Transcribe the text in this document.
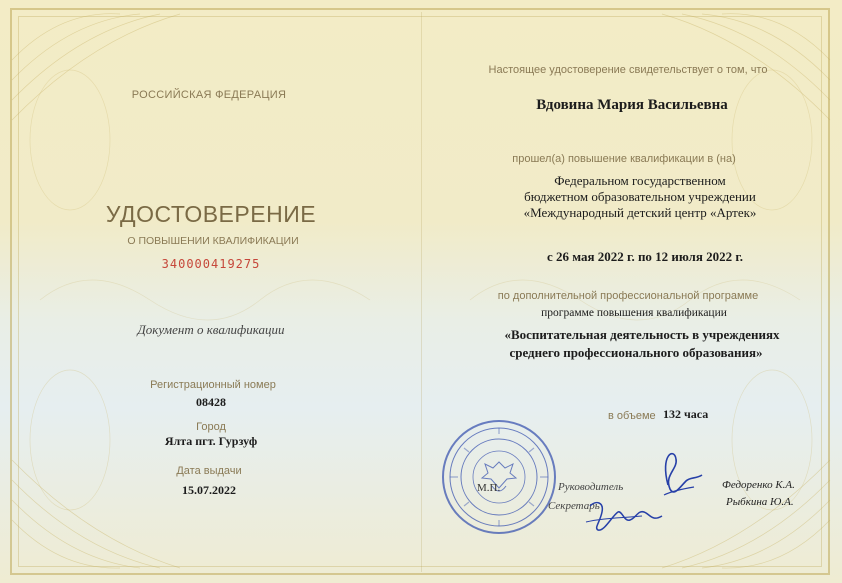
РОССИЙСКАЯ ФЕДЕРАЦИЯ
УДОСТОВЕРЕНИЕ
О ПОВЫШЕНИИ КВАЛИФИКАЦИИ
340000419275
Документ о квалификации
Регистрационный номер
08428
Город
Ялта пгт. Гурзуф
Дата выдачи
15.07.2022
Настоящее удостоверение свидетельствует о том, что
Вдовина Мария Васильевна
прошел(а) повышение квалификации в (на)
Федеральном государственном
бюджетном образовательном учреждении
«Международный детский центр «Артек»
с 26 мая 2022 г. по 12 июля 2022 г.
по дополнительной профессиональной программе
программе повышения квалификации
«Воспитательная деятельность в учреждениях
среднего профессионального образования»
в объеме 132 часа
М.П.	Руководитель
Секретарь
Федоренко К.А.
Рыбкина Ю.А.
